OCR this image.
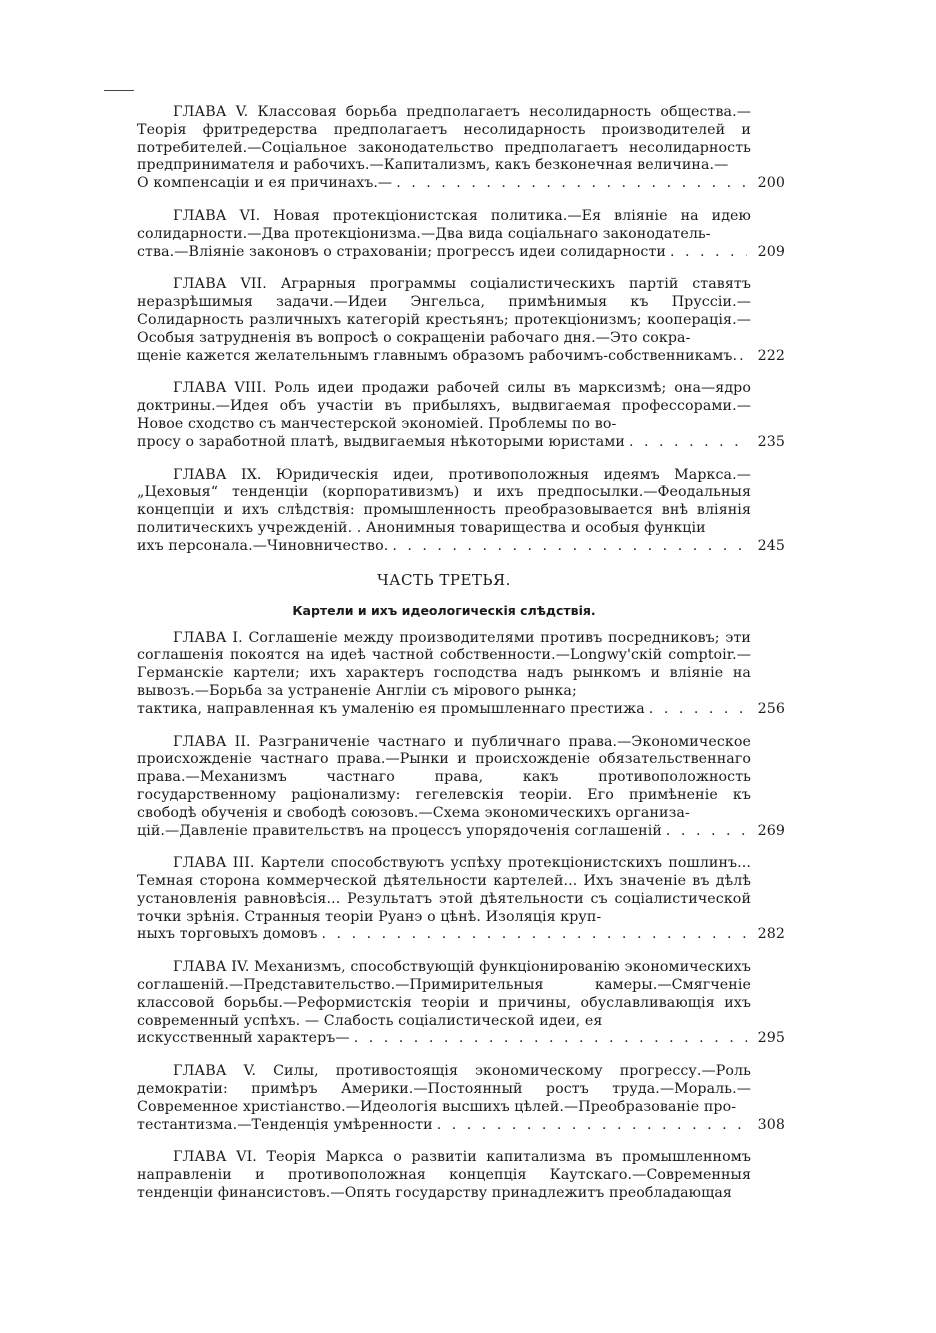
ГЛАВА V. Классовая борьба предполагаетъ несолидарность общества.—Теорія фритредерства предполагаетъ несолидарность производителей и потребителей.—Соціальное законодательство предполагаетъ несолидарность предпринимателя и рабочихъ.—Капитализмъ, какъ безконечная величина.—

О компенсаціи и ея причинахъ.— . . .	200

ГЛАВА VI. Новая протекціонистская политика.—Ея вліяніе на идею солидарности.—Два протекціонизма.—Два вида соціальнаго законодатель-

ства.—Вліяніе законовъ о страхованіи; прогрессъ идеи солидарности . . .	209

ГЛАВА VII. Аграрныя программы соціалистическихъ партій ставятъ неразрѣшимыя задачи.—Идеи Энгельса, примѣнимыя къ Пруссіи.—Солидарность различныхъ категорій крестьянъ; протекціонизмъ; кооперація.—Особыя затрудненія въ вопросѣ о сокращеніи рабочаго дня.—Это сокра-

щеніе кажется желательнымъ главнымъ образомъ рабочимъ-собственникамъ. . . .	222

ГЛАВА VIII. Роль идеи продажи рабочей силы въ марксизмѣ; она—ядро доктрины.—Идея объ участіи въ прибыляхъ, выдвигаемая профессорами.—Новое сходство съ манчестерской экономіей. Проблемы по во-

просу о заработной платѣ, выдвигаемыя нѣкоторыми юристами . . .	235

ГЛАВА IX. Юридическія идеи, противоположныя идеямъ Маркса.—„Цеховыя“ тенденціи (корпоративизмъ) и ихъ предпосылки.—Феодальныя концепціи и ихъ слѣдствія: промышленность преобразовывается внѣ вліянія политическихъ учрежденій. . Анонимныя товарищества и особыя функціи

ихъ персонала.—Чиновничество. . . .	245
ЧАСТЬ ТРЕТЬЯ.
Картели и ихъ идеологическія слѣдствія.

ГЛАВА I. Соглашеніе между производителями противъ посредниковъ; эти соглашенія покоятся на идеѣ частной собственности.—Longwy'скій comptoir.—Германскіе картели; ихъ характеръ господства надъ рынкомъ и вліяніе на вывозъ.—Борьба за устраненіе Англіи съ мірового рынка;

тактика, направленная къ умаленію ея промышленнаго престижа . . .	256

ГЛАВА II. Разграниченіе частнаго и публичнаго права.—Экономическое происхожденіе частнаго права.—Рынки и происхожденіе обязательственнаго права.—Механизмъ частнаго права, какъ противоположность государственному раціонализму: гегелевскія теоріи. Его примѣненіе къ свободѣ обученія и свободѣ союзовъ.—Схема экономическихъ организа-

цій.—Давленіе правительствъ на процессъ упорядоченія соглашеній . . .	269

ГЛАВА III. Картели способствуютъ успѣху протекціонистскихъ пошлинъ... Темная сторона коммерческой дѣятельности картелей... Ихъ значеніе въ дѣлѣ установленія равновѣсія... Результатъ этой дѣятельности съ соціалистической точки зрѣнія. Странныя теоріи Руанэ о цѣнѣ. Изоляція круп-

ныхъ торговыхъ домовъ . . .	282

ГЛАВА IV. Механизмъ, способствующій функціонированію экономическихъ соглашеній.—Представительство.—Примирительныя камеры.—Смягченіе классовой борьбы.—Реформистскія теоріи и причины, обуславливающія ихъ современный успѣхъ. — Слабость соціалистической идеи, ея

искусственный характеръ— . . .	295

ГЛАВА V. Силы, противостоящія экономическому прогрессу.—Роль демократіи: примѣръ Америки.—Постоянный ростъ труда.—Мораль.—Современное христіанство.—Идеологія высшихъ цѣлей.—Преобразованіе про-

тестантизма.—Тенденція умѣренности . . .	308

ГЛАВА VI. Теорія Маркса о развитіи капитализма въ промышленномъ направленіи и противоположная концепція Каутскаго.—Современныя тенденціи финансистовъ.—Опять государству принадлежитъ преобладающая
